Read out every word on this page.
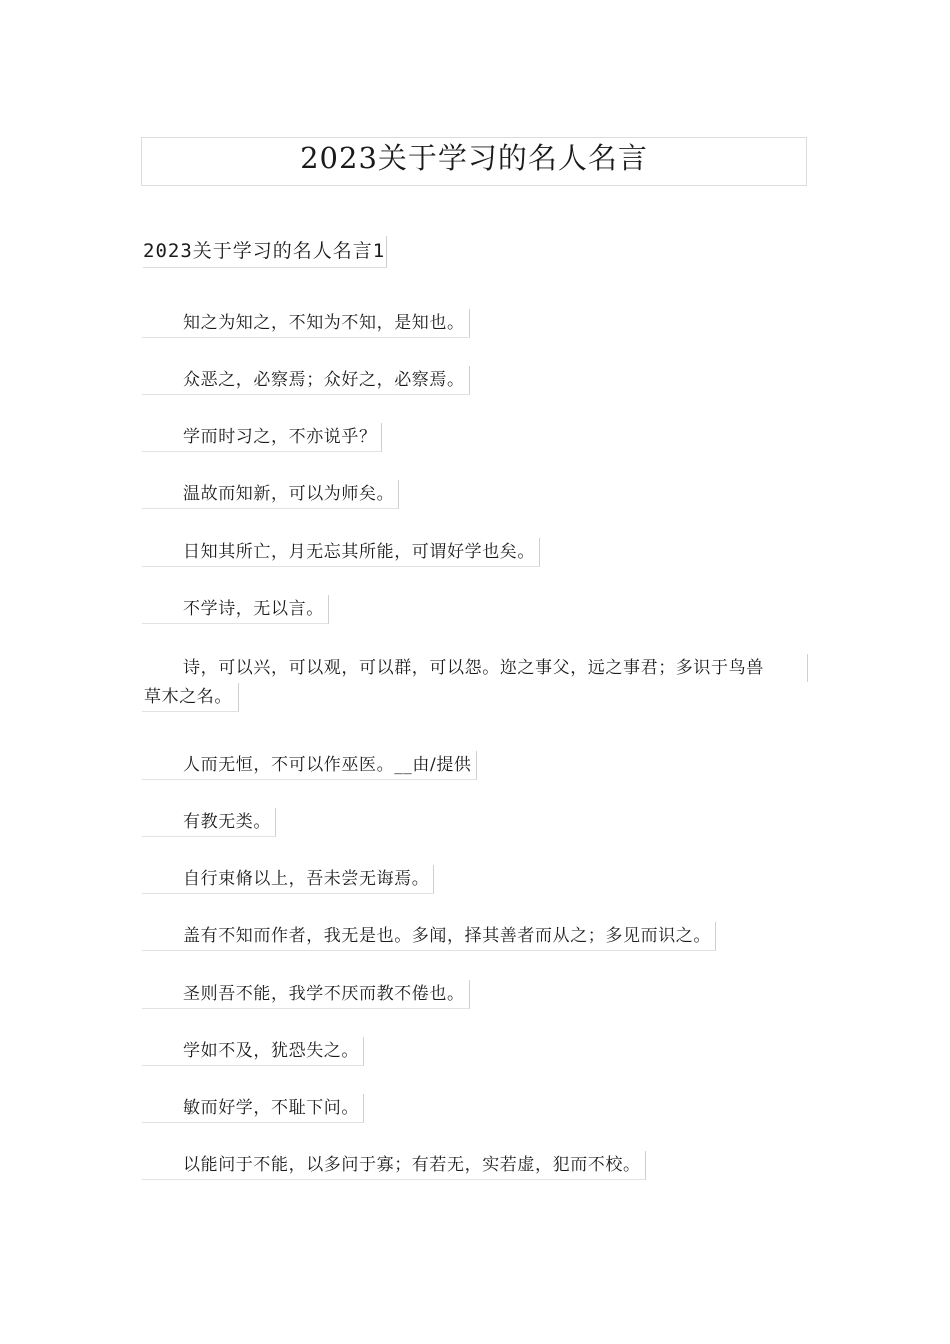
2023关于学习的名人名言
2023关于学习的名人名言1
知之为知之，不知为不知，是知也。
众恶之，必察焉；众好之，必察焉。
学而时习之，不亦说乎？
温故而知新，可以为师矣。
日知其所亡，月无忘其所能，可谓好学也矣。
不学诗，无以言。
诗，可以兴，可以观，可以群，可以怨。迩之事父，远之事君；多识于鸟兽
草木之名。
人而无恒，不可以作巫医。__由/提供
有教无类。
自行束脩以上，吾未尝无诲焉。
盖有不知而作者，我无是也。多闻，择其善者而从之；多见而识之。
圣则吾不能，我学不厌而教不倦也。
学如不及，犹恐失之。
敏而好学，不耻下问。
以能问于不能，以多问于寡；有若无，实若虚，犯而不校。
